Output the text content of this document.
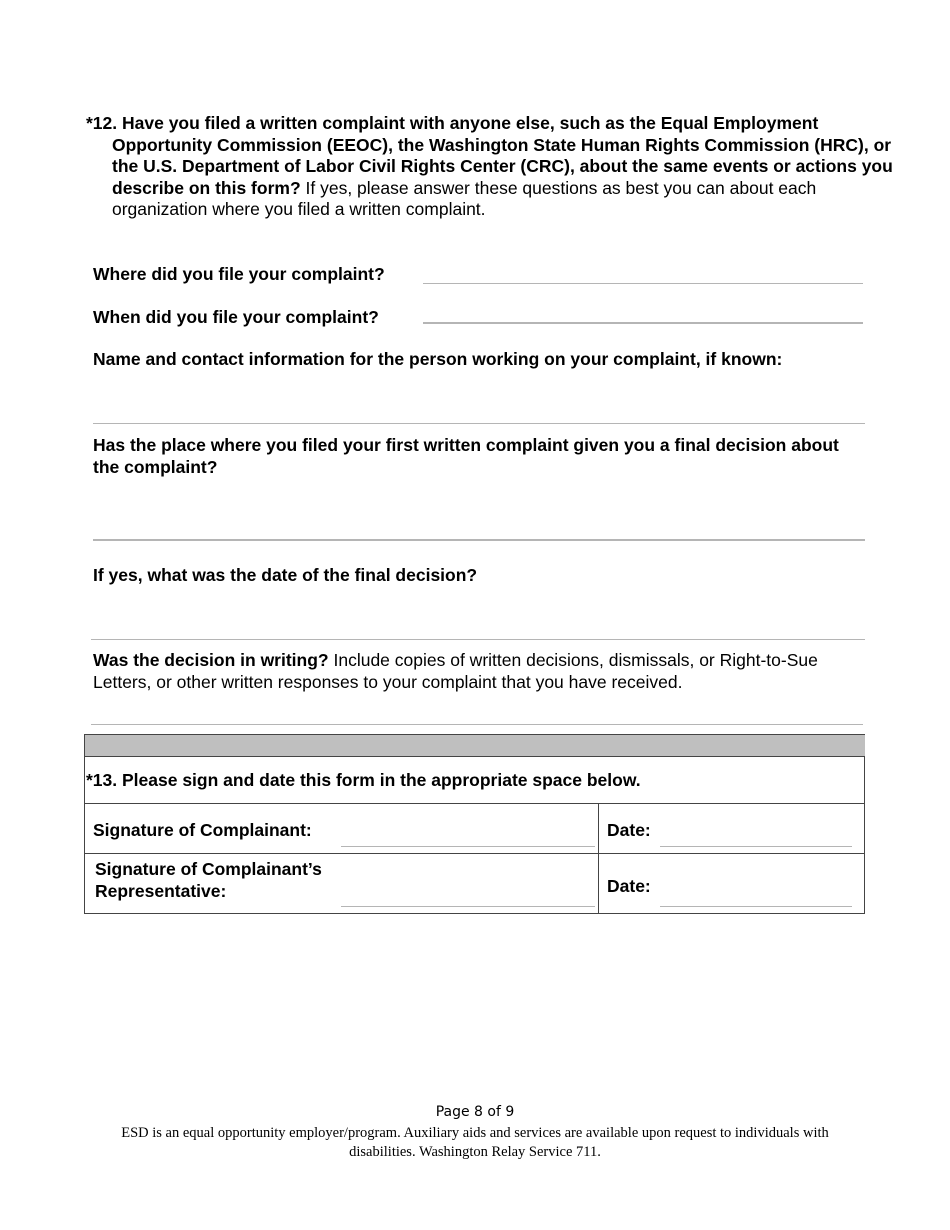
*12. Have you filed a written complaint with anyone else, such as the Equal Employment Opportunity Commission (EEOC), the Washington State Human Rights Commission (HRC), or the U.S. Department of Labor Civil Rights Center (CRC), about the same events or actions you describe on this form? If yes, please answer these questions as best you can about each organization where you filed a written complaint.
Where did you file your complaint?
When did you file your complaint?
Name and contact information for the person working on your complaint, if known:
Has the place where you filed your first written complaint given you a final decision about the complaint?
If yes, what was the date of the final decision?
Was the decision in writing? Include copies of written decisions, dismissals, or Right-to-Sue Letters, or other written responses to your complaint that you have received.
*13. Please sign and date this form in the appropriate space below.
Signature of Complainant:	Date:
Signature of Complainant’s Representative:	Date:
Page 8 of 9
ESD is an equal opportunity employer/program. Auxiliary aids and services are available upon request to individuals with disabilities. Washington Relay Service 711.
